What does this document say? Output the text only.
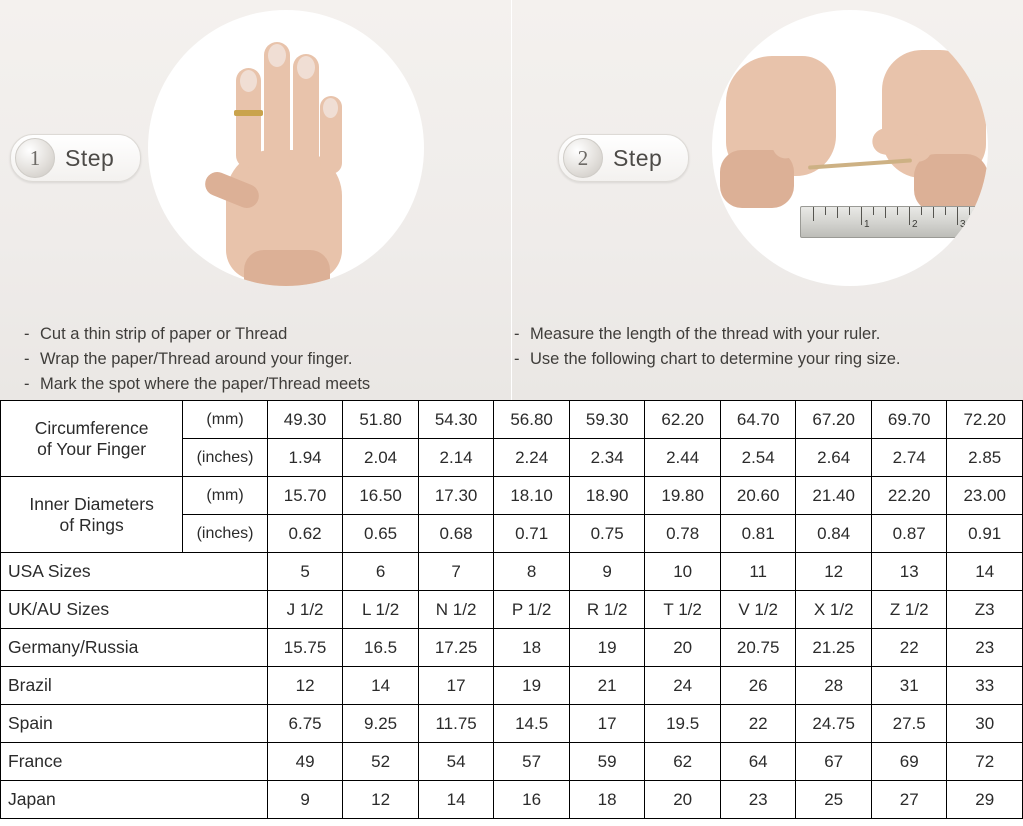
1	2	3
1	Step	2	Step
- Cut a thin strip of paper or Thread
- Wrap the paper/Thread around your finger.
- Mark the spot where the paper/Thread meets
- Measure the length of the thread with your ruler.
- Use the following chart to determine your ring size.
Circumference
of Your Finger	(mm)	49.30	51.80	54.30	56.80	59.30	62.20	64.70	67.20	69.70	72.20
	(inches)	1.94	2.04	2.14	2.24	2.34	2.44	2.54	2.64	2.74	2.85

Inner Diameters
of Rings	(mm)	15.70	16.50	17.30	18.10	18.90	19.80	20.60	21.40	22.20	23.00
	(inches)	0.62	0.65	0.68	0.71	0.75	0.78	0.81	0.84	0.87	0.91
USA Sizes		5	6	7	8	9	10	11	12	13	14
UK/AU Sizes		J 1/2	L 1/2	N 1/2	P 1/2	R 1/2	T 1/2	V 1/2	X 1/2	Z 1/2	Z3
Germany/Russia		15.75	16.5	17.25	18	19	20	20.75	21.25	22	23
Brazil		12	14	17	19	21	24	26	28	31	33
Spain		6.75	9.25	11.75	14.5	17	19.5	22	24.75	27.5	30
France		49	52	54	57	59	62	64	67	69	72
Japan		9	12	14	16	18	20	23	25	27	29
